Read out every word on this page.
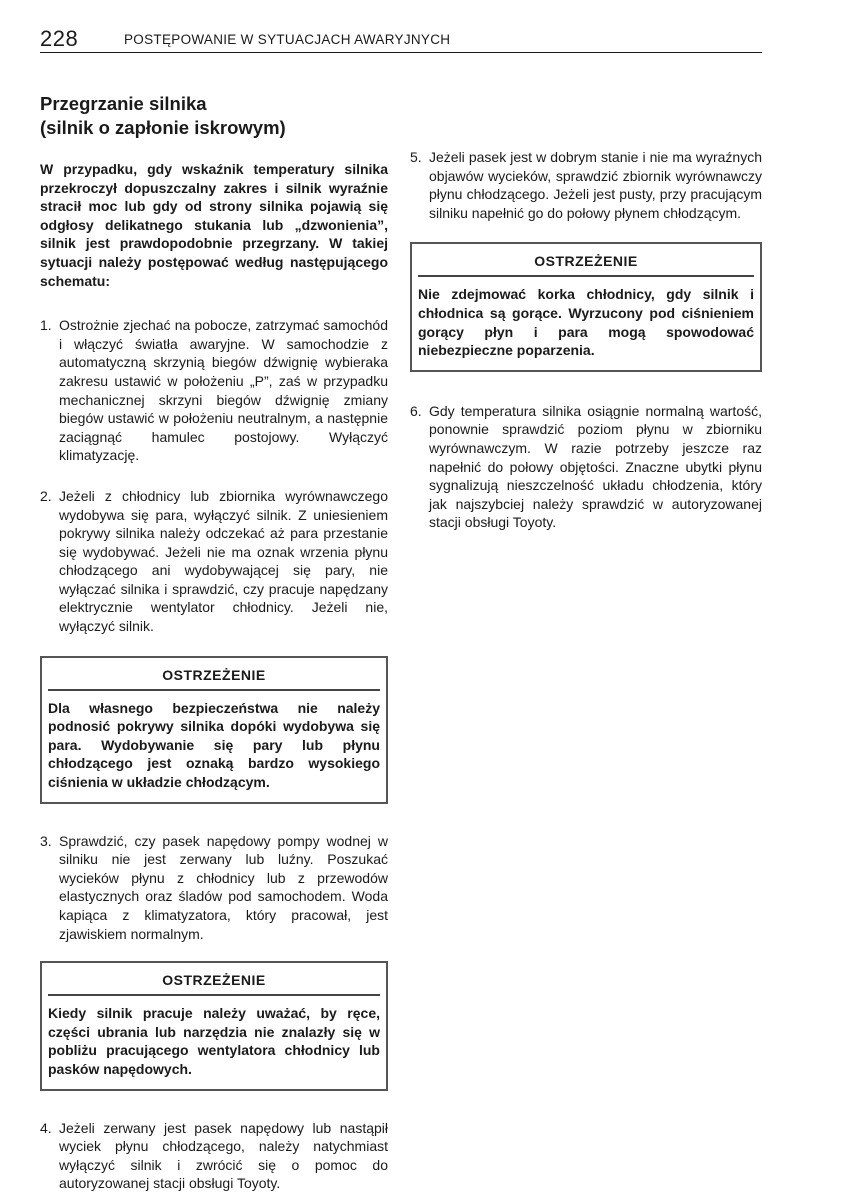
228	POSTĘPOWANIE W SYTUACJACH AWARYJNYCH
Przegrzanie silnika
(silnik o zapłonie iskrowym)
W przypadku, gdy wskaźnik temperatury silnika przekroczył dopuszczalny zakres i silnik wyraźnie stracił moc lub gdy od strony silnika pojawią się odgłosy delikatnego stukania lub „dzwonienia”, silnik jest prawdopodobnie przegrzany. W takiej sytuacji należy postępować według następującego schematu:
1. Ostrożnie zjechać na pobocze, zatrzymać samochód i włączyć światła awaryjne. W samochodzie z automatyczną skrzynią biegów dźwignię wybieraka zakresu ustawić w położeniu „P”, zaś w przypadku mechanicznej skrzyni biegów dźwignię zmiany biegów ustawić w położeniu neutralnym, a następnie zaciągnąć hamulec postojowy. Wyłączyć klimatyzację.
2. Jeżeli z chłodnicy lub zbiornika wyrównawczego wydobywa się para, wyłączyć silnik. Z uniesieniem pokrywy silnika należy odczekać aż para przestanie się wydobywać. Jeżeli nie ma oznak wrzenia płynu chłodzącego ani wydobywającej się pary, nie wyłączać silnika i sprawdzić, czy pracuje napędzany elektrycznie wentylator chłodnicy. Jeżeli nie, wyłączyć silnik.
OSTRZEŻENIE
Dla własnego bezpieczeństwa nie należy podnosić pokrywy silnika dopóki wydobywa się para. Wydobywanie się pary lub płynu chłodzącego jest oznaką bardzo wysokiego ciśnienia w układzie chłodzącym.
3. Sprawdzić, czy pasek napędowy pompy wodnej w silniku nie jest zerwany lub luźny. Poszukać wycieków płynu z chłodnicy lub z przewodów elastycznych oraz śladów pod samochodem. Woda kapiąca z klimatyzatora, który pracował, jest zjawiskiem normalnym.
OSTRZEŻENIE
Kiedy silnik pracuje należy uważać, by ręce, części ubrania lub narzędzia nie znalazły się w pobliżu pracującego wentylatora chłodnicy lub pasków napędowych.
4. Jeżeli zerwany jest pasek napędowy lub nastąpił wyciek płynu chłodzącego, należy natychmiast wyłączyć silnik i zwrócić się o pomoc do autoryzowanej stacji obsługi Toyoty.
5. Jeżeli pasek jest w dobrym stanie i nie ma wyraźnych objawów wycieków, sprawdzić zbiornik wyrównawczy płynu chłodzącego. Jeżeli jest pusty, przy pracującym silniku napełnić go do połowy płynem chłodzącym.
OSTRZEŻENIE
Nie zdejmować korka chłodnicy, gdy silnik i chłodnica są gorące. Wyrzucony pod ciśnieniem gorący płyn i para mogą spowodować niebezpieczne poparzenia.
6. Gdy temperatura silnika osiągnie normalną wartość, ponownie sprawdzić poziom płynu w zbiorniku wyrównawczym. W razie potrzeby jeszcze raz napełnić do połowy objętości. Znaczne ubytki płynu sygnalizują nieszczelność układu chłodzenia, który jak najszybciej należy sprawdzić w autoryzowanej stacji obsługi Toyoty.
